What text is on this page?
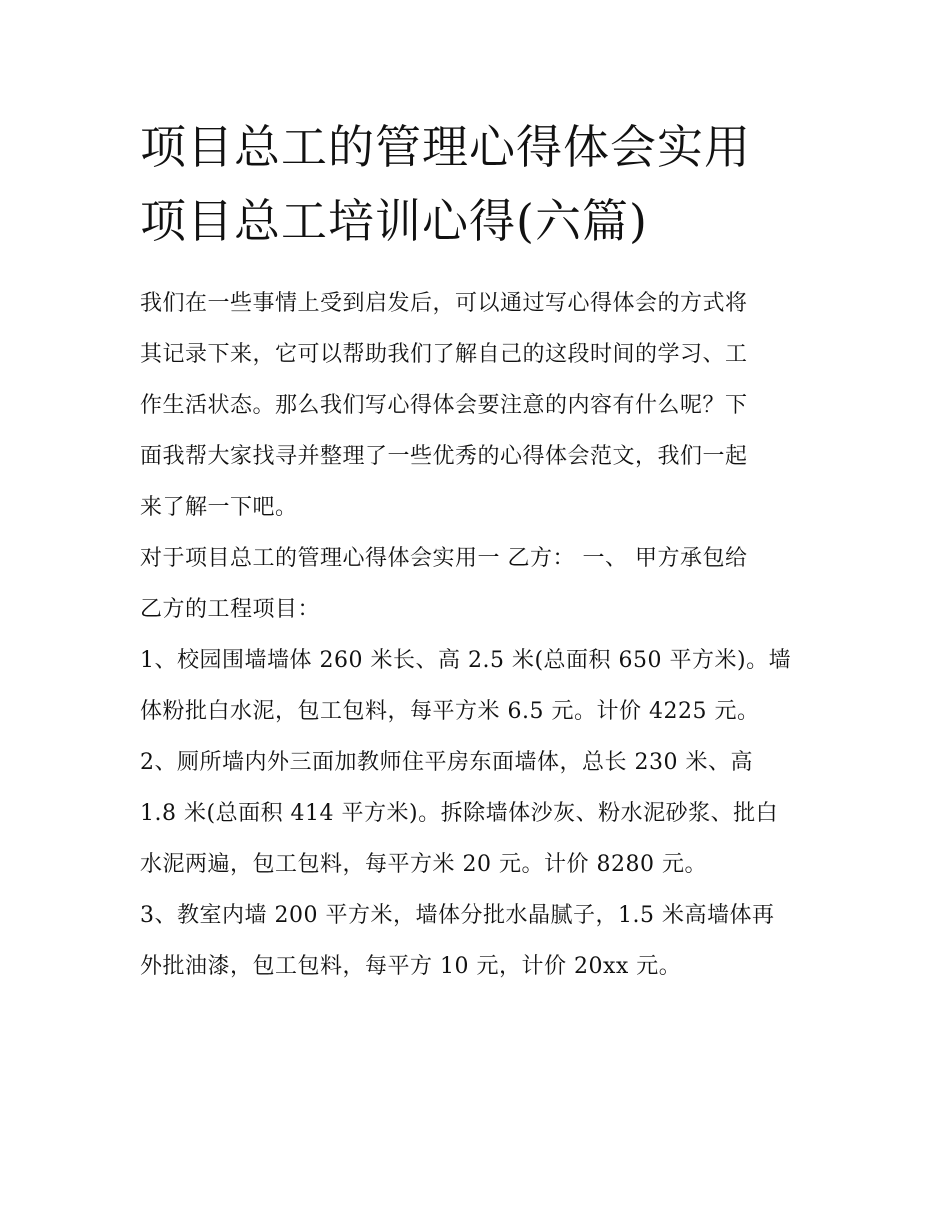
项目总工的管理心得体会实用
项目总工培训心得(六篇)
我们在一些事情上受到启发后，可以通过写心得体会的方式将
其记录下来，它可以帮助我们了解自己的这段时间的学习、工
作生活状态。那么我们写心得体会要注意的内容有什么呢？下
面我帮大家找寻并整理了一些优秀的心得体会范文，我们一起
来了解一下吧。
对于项目总工的管理心得体会实用一 乙方： 一、 甲方承包给
乙方的工程项目：
1、校园围墙墙体 260 米长、高 2.5 米(总面积 650 平方米)。墙
体粉批白水泥，包工包料，每平方米 6.5 元。计价 4225 元。
2、厕所墙内外三面加教师住平房东面墙体，总长 230 米、高
1.8 米(总面积 414 平方米)。拆除墙体沙灰、粉水泥砂浆、批白
水泥两遍，包工包料，每平方米 20 元。计价 8280 元。
3、教室内墙 200 平方米，墙体分批水晶腻子，1.5 米高墙体再
外批油漆，包工包料，每平方 10 元，计价 20xx 元。
